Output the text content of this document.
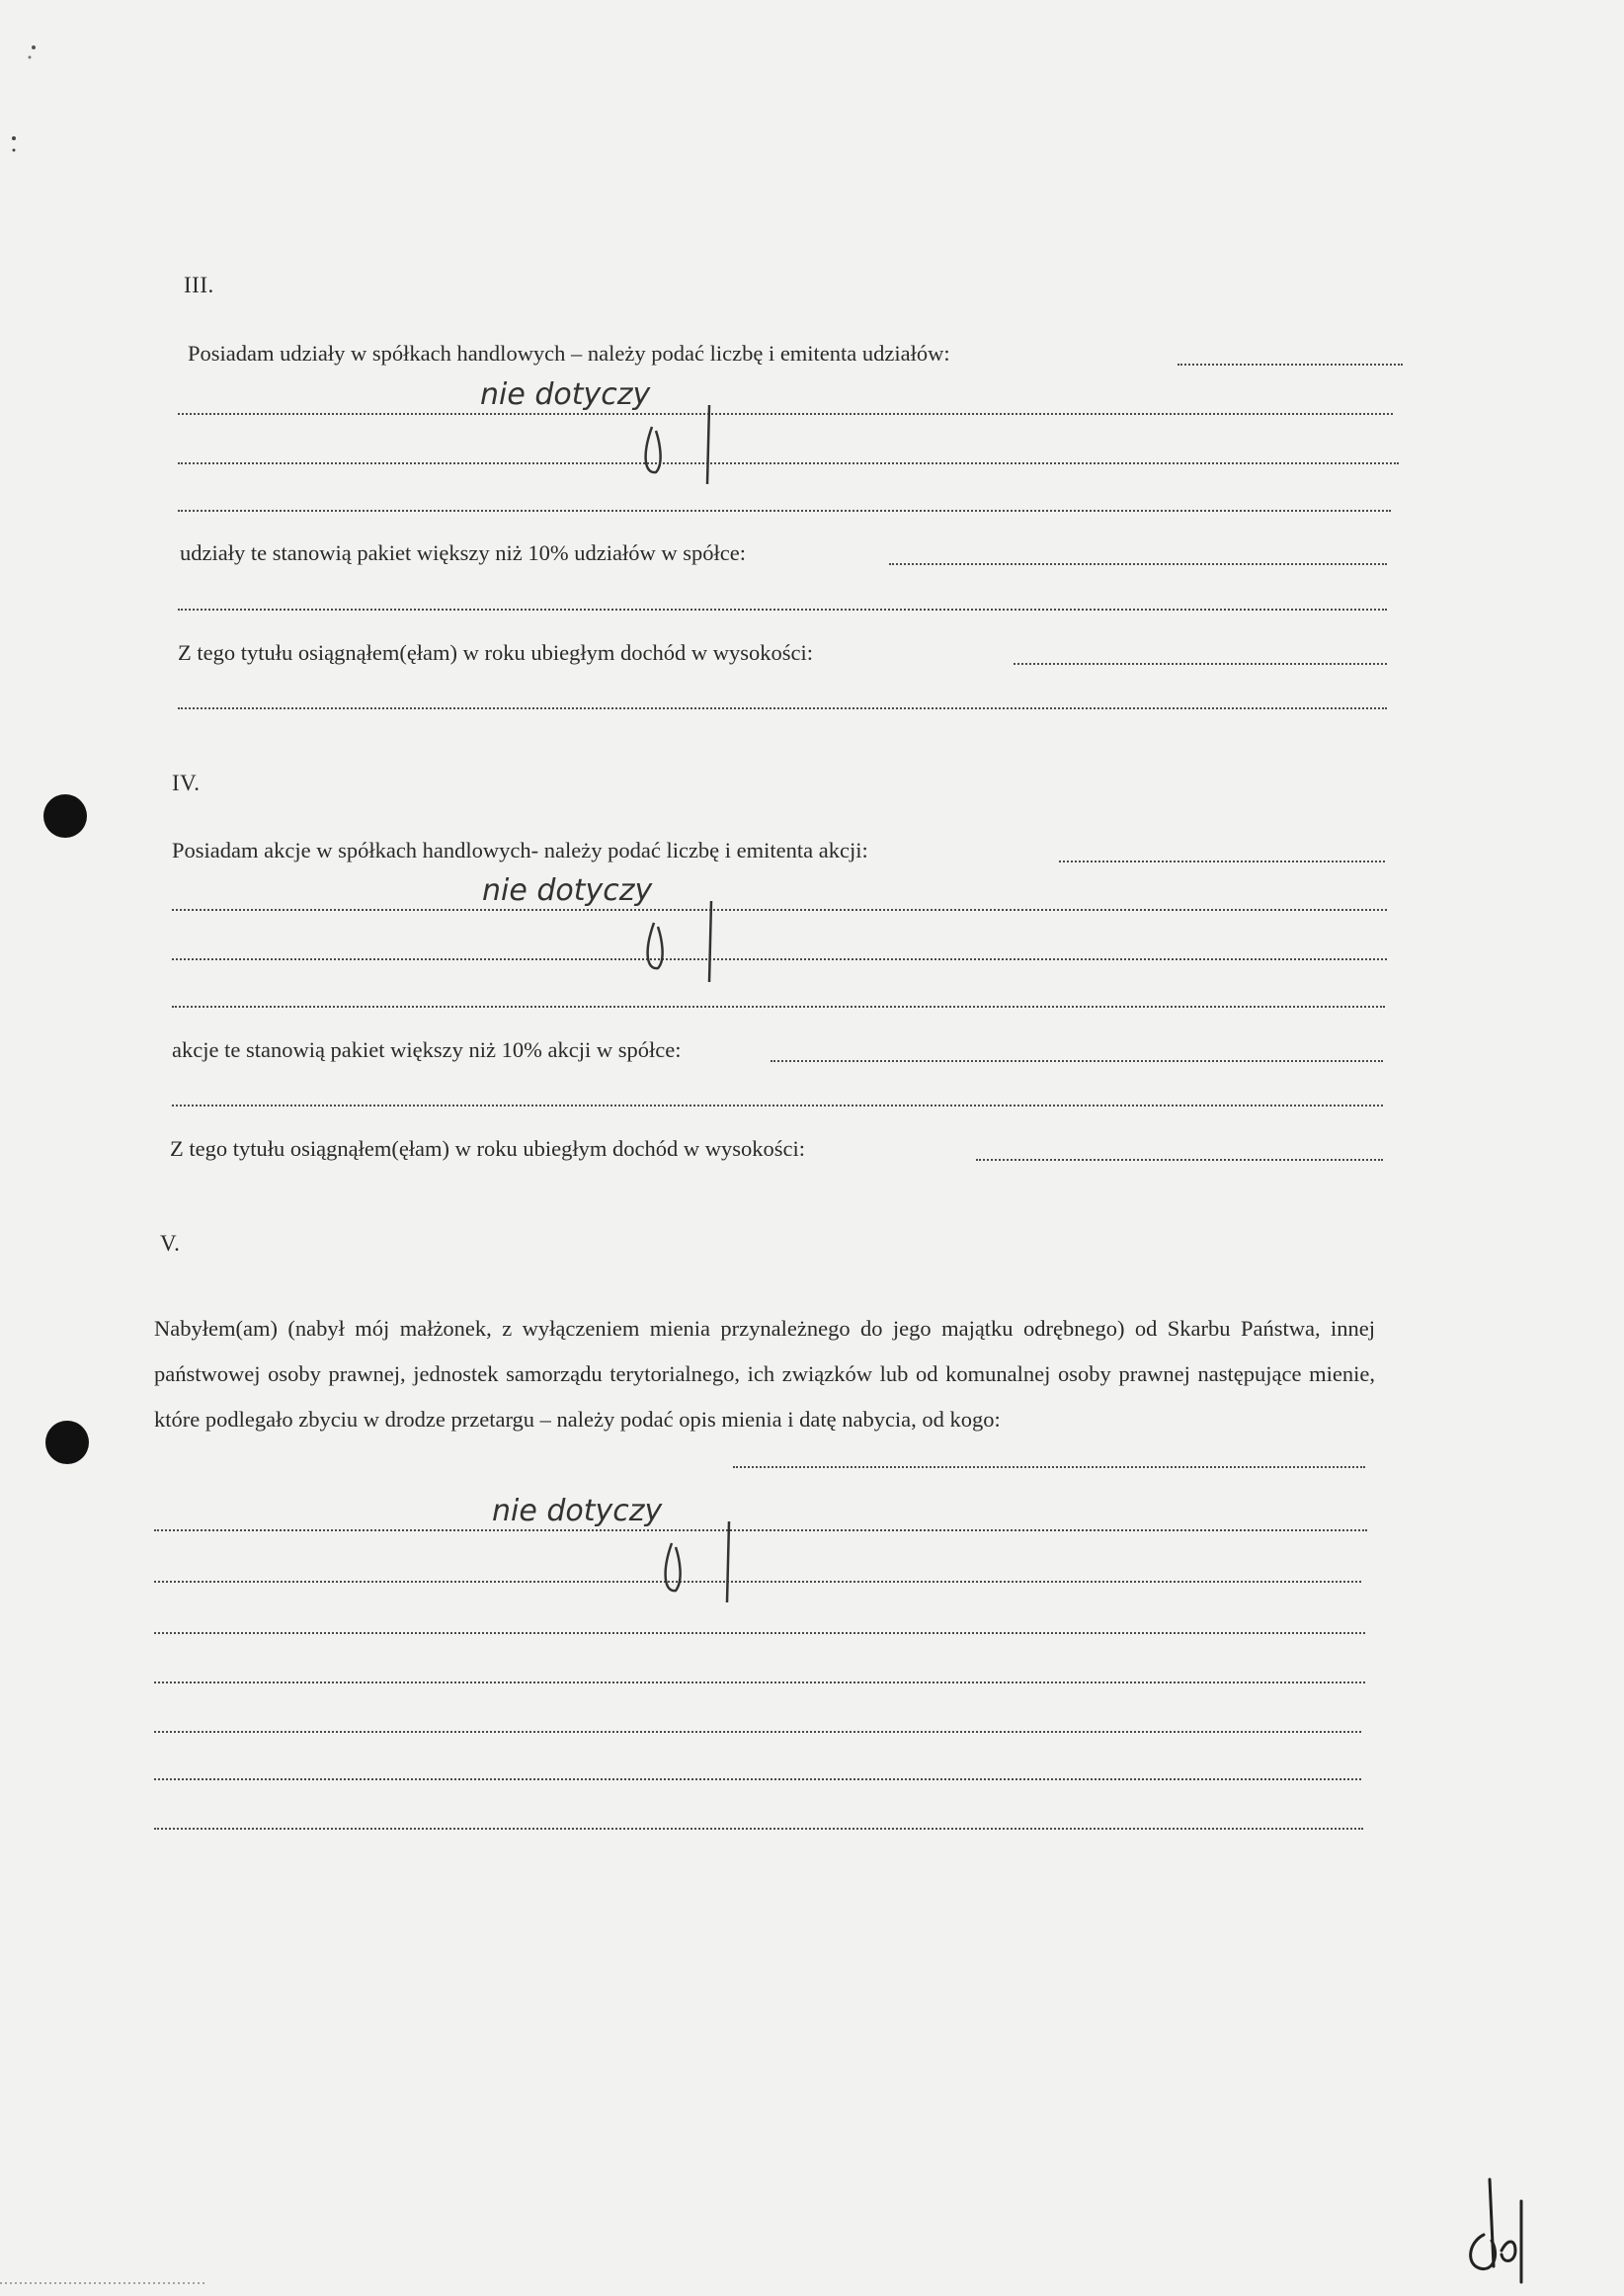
III.
Posiadam udziały w spółkach handlowych – należy podać liczbę i emitenta udziałów:
nie dotyczy
udziały te stanowią pakiet większy niż 10% udziałów w spółce:
Z tego tytułu osiągnąłem(ęłam) w roku ubiegłym dochód w wysokości:
IV.
Posiadam akcje w spółkach handlowych- należy podać liczbę i emitenta akcji:
nie dotyczy
akcje te stanowią pakiet większy niż 10% akcji w spółce:
Z tego tytułu osiągnąłem(ęłam) w roku ubiegłym dochód w wysokości:
V.
Nabyłem(am) (nabył mój małżonek, z wyłączeniem mienia przynależnego do jego majątku odrębnego) od Skarbu Państwa, innej państwowej osoby prawnej, jednostek samorządu terytorialnego, ich związków lub od komunalnej osoby prawnej następujące mienie, które podlegało zbyciu w drodze przetargu – należy podać opis mienia i datę nabycia, od kogo:
nie dotyczy
